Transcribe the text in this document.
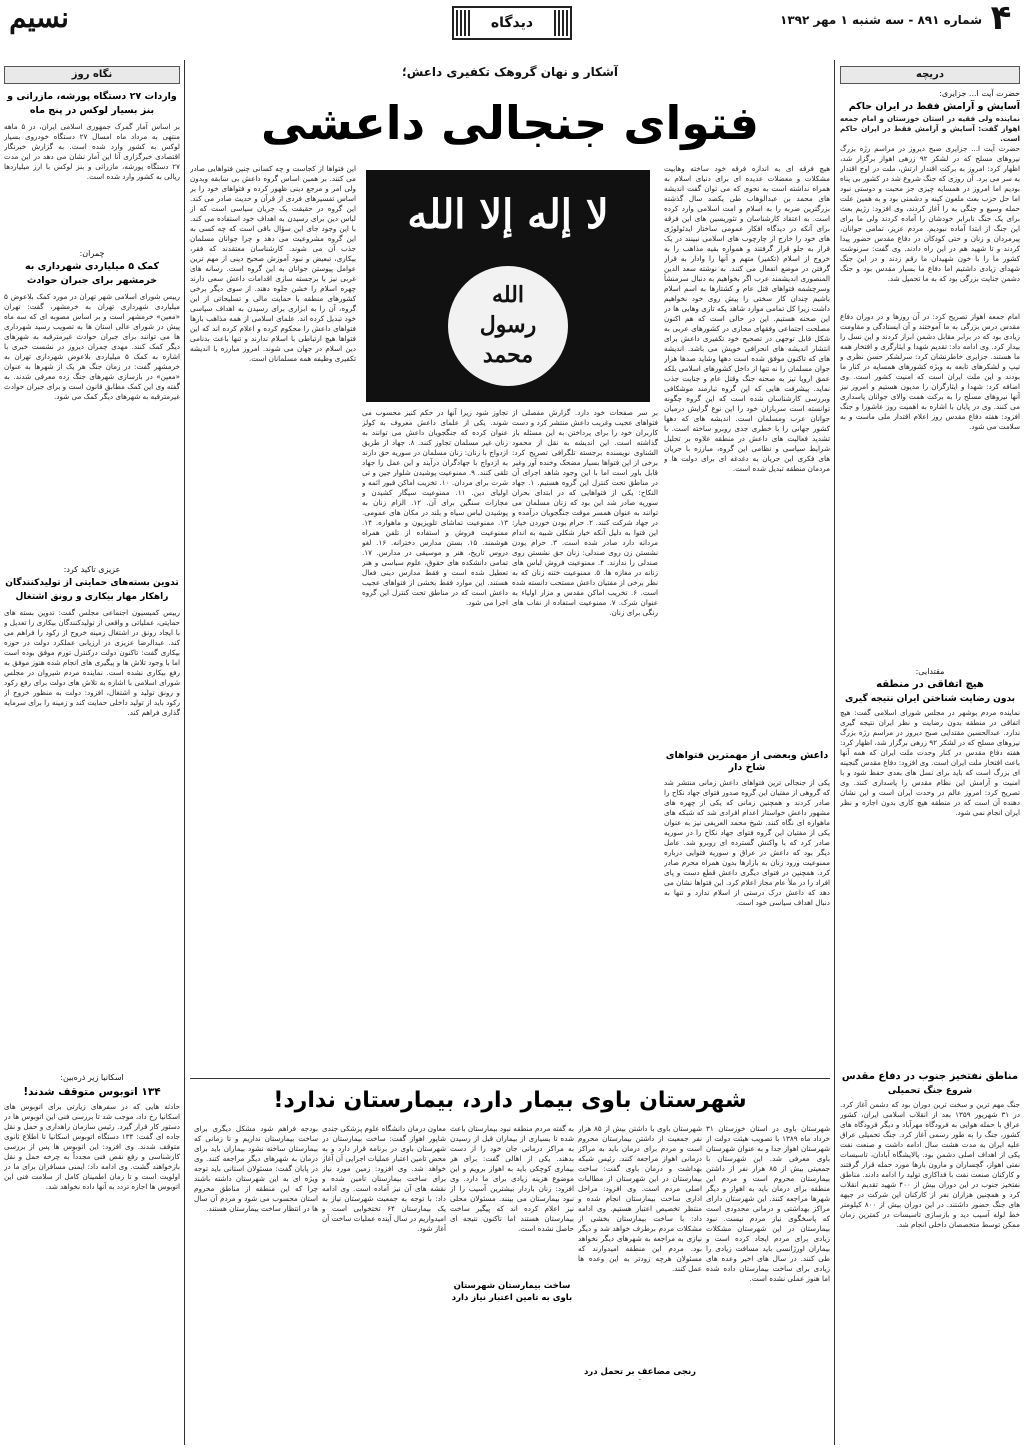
۴
شماره ۸۹۱ - سه شنبه ۱ مهر ۱۳۹۲
دیدگاه
نسیم
دریچه
حضرت آیت ا... جزایری:
آسایش و آرامش فقط در ایران حاکم
نماینده ولی فقیه در استان خوزستان و امام جمعه اهواز گفت: آسایش و آرامش فقط در ایران حاکم است.
حضرت آیت ا... جزایری صبح دیروز در مراسم رژه بزرگ نیروهای مسلح که در لشکر ۹۲ زرهی اهواز برگزار شد، اظهار کرد: امروز به برکت اقتدار ارتش، ملت در اوج اقتدار به سر می برد. آن روزی که جنگ شروع شد در کشور بی پناه بودیم اما امروز در همسایه چیزی جز محبت و دوستی نبود اما حل حزب بعث ملعون کینه و دشمنی بود و به همین علت حمله وسیع و جنگی به را آغاز کردند، وی افزود: رژیم بعث برای یک جنگ نابرابر خودشان را آماده کردند ولی ما برای این جنگ از ابتدا آماده نبودیم. مردم عزیز، تمامی جوانان، پیرمردان و زنان و حتی کودکان در دفاع مقدس حضور پیدا کردند و تا شهید هم در این راه دادند. وی گفت: سرنوشت کشور ما را با خون شهیدان ما رقم زدند و در این جنگ شهدای زیادی داشتیم اما دفاع ما بسیار مقدس بود و جنگ دشمن جنایت بزرگی بود که به ما تحمیل شد.
امام جمعه اهواز تصریح کرد: در آن روزها و در دوران دفاع مقدس درس بزرگی به ما آموختند و آن ایستادگی و مقاومت زیادی بود که در برابر مقابل دشمن ابراز کردند و این نسل را بیدار کرد. وی ادامه داد: تقدیم شهدا و ایثارگری و افتخار همه ما هستند. جزایری خاطرنشان کرد: سرلشکر حسن نظری و تیپ و لشکرهای تابعه به ویژه کشورهای همسایه در کنار ما بودند و این ملت ایران است که امنیت کشور است. وی اضافه کرد: شهدا و ایثارگران را مدیون هستیم و امروز نیز آنها نیروهای مسلح را به برکت همت والای جوانان پاسداری می کنند. وی در پایان با اشاره به اهمیت روز عاشورا و جنگ افزود: هفته دفاع مقدس روز اعلام اقتدار ملی ماست و به سلامت می شود.
مقتدایی:
هیچ اتفاقی در منطقه
بدون رضایت شناختن ایران نتیجه گیری
نماینده مردم بوشهر در مجلس شورای اسلامی گفت: هیچ اتفاقی در منطقه بدون رضایت و نظر ایران نتیجه گیری ندارد. عبدالحسین مقتدایی صبح دیروز در مراسم رژه بزرگ نیروهای مسلح که در لشکر ۹۲ زرهی برگزار شد، اظهار کرد: هفته دفاع مقدس در کنار وحدت ملت ایران که همه آنها باعث افتخار ملت ایران است. وی افزود: دفاع مقدس گنجینه ای بزرگ است که باید برای نسل های بعدی حفظ شود و با امنیت و آرامش این نظام مقدس را پاسداری کنند. وی تصریح کرد: امروز عالم در وحدت ایران است و این نشان دهنده آن است که در منطقه هیچ کاری بدون اجازه و نظر ایران انجام نمی شود.
مناطق نفتخیز جنوب در دفاع مقدس
شروع جنگ تحمیلی
جنگ مهم ترین و سخت ترین دوران بود که دشمن آغاز کرد. در ۳۱ شهریور ۱۳۵۹ بعد از انقلاب اسلامی ایران، کشور عراق با حمله هوایی به فرودگاه مهرآباد و دیگر فرودگاه های کشور، جنگ را به طور رسمی آغاز کرد. جنگ تحمیلی عراق علیه ایران به مدت هشت سال ادامه داشت و صنعت نفت یکی از اهداف اصلی دشمن بود. پالایشگاه آبادان، تاسیسات نفتی اهواز، گچساران و مارون بارها مورد حمله قرار گرفتند و کارکنان صنعت نفت با فداکاری تولید را ادامه دادند. مناطق نفتخیز جنوب در این دوران بیش از ۴۰۰ شهید تقدیم انقلاب کرد و همچنین هزاران نفر از کارکنان این شرکت در جبهه های جنگ حضور داشتند. در این دوران بیش از ۸۰۰ کیلومتر خط لوله آسیب دید و بازسازی تاسیسات در کمترین زمان ممکن توسط متخصصان داخلی انجام شد.
نگاه روز
واردات ۲۷ دستگاه پورشه، مازراتی و بنز بسیار لوکس در پنج ماه
بر اساس آمار گمرک جمهوری اسلامی ایران، در ۵ ماهه منتهی به مرداد ماه امسال ۲۷ دستگاه خودروی بسیار لوکس به کشور وارد شده است. به گزارش خبرنگار اقتصادی خبرگزاری آنا این آمار نشان می دهد در این مدت ۲۷ دستگاه پورشه، مازراتی و بنز لوکس با ارز میلیاردها ریالی به کشور وارد شده است.
چمران:
کمک ۵ میلیاردی شهرداری به خرمشهر برای جبران حوادث
رییس شورای اسلامی شهر تهران در مورد کمک بلاعوض ۵ میلیاردی شهرداری تهران به خرمشهر، گفت: تهران «معین» خرمشهر است و بر اساس مصوبه ای که سه ماه پیش در شورای عالی استان ها به تصویب رسید شهرداری ها می توانند برای جبران حوادث غیرمترقبه به شهرهای دیگر کمک کنند. مهدی چمران دیروز در نشست خبری با اشاره به کمک ۵ میلیاردی بلاعوض شهرداری تهران به خرمشهر گفت: در زمان جنگ هر یک از شهرها به عنوان «معین» در بازسازی شهرهای جنگ زده معرفی شدند. به گفته وی این کمک مطابق قانون است و برای جبران حوادث غیرمترقبه به شهرهای دیگر کمک می شود.
عزیزی تاکید کرد:
تدوین بسته‌های حمایتی از تولیدکنندگان راهکار مهار بیکاری و رونق اشتغال
رییس کمیسیون اجتماعی مجلس گفت: تدوین بسته های حمایتی، عملیاتی و واقعی از تولیدکنندگان بیکاری را تعدیل و با ایجاد رونق در اشتغال زمینه خروج از رکود را فراهم می کند. عبدالرضا عزیزی در ارزیابی عملکرد دولت در حوزه بیکاری گفت: تاکنون دولت درکنترل تورم موفق بوده است اما با وجود تلاش ها و پیگیری های انجام شده هنوز موفق به رفع بیکاری نشده است. نماینده مردم شیروان در مجلس شورای اسلامی با اشاره به تلاش های دولت برای رفع رکود و رونق تولید و اشتغال، افزود: دولت به منظور خروج از رکود باید از تولید داخلی حمایت کند و زمینه را برای سرمایه گذاری فراهم کند.
اسکانیا زیر ذره‌بین:
۱۳۴ اتوبوس متوقف شدند!
حادثه هایی که در سفرهای زیارتی برای اتوبوس های اسکانیا رخ داد، موجب شد تا بررسی فنی این اتوبوس ها در دستور کار قرار گیرد. رئیس سازمان راهداری و حمل و نقل جاده ای گفت: ۱۳۴ دستگاه اتوبوس اسکانیا تا اطلاع ثانوی متوقف شدند. وی افزود: این اتوبوس ها پس از بررسی کارشناسی و رفع نقص فنی مجدداً به چرخه حمل و نقل بازخواهند گشت. وی ادامه داد: ایمنی مسافران برای ما در اولویت است و تا زمان اطمینان کامل از سلامت فنی این اتوبوس ها اجازه تردد به آنها داده نخواهد شد.
آشکار و نهان گروهک تکفیری داعش؛
فتوای جنجالی داعشی
لا إله إلا الله
الله
رسول
محمد
هیچ فرقه ای به اندازه فرقه خود ساخته وهابیت مشکلات و معضلات عدیده ای برای دنیای اسلام به همراه نداشته است به نحوی که می توان گفت اندیشه های محمد بن عبدالوهاب طی یکصد سال گذشته بزرگترین ضربه را به اسلام و امت اسلامی وارد کرده است. به اعتقاد کارشناسان و تئوریسین های این فرقه برای آنکه در دیدگاه افکار عمومی ساختار ایدئولوژی های خود را خارج از چارچوب های اسلامی نبینند در یک قرار به جلو قرار گرفتند و همواره بقیه مذاهب را به خروج از اسلام (تکفیر) متهم و آنها را وادار به قرار گرفتن در موضع انفعال می کنند. به نوشته سعد الدین المنصوری اندیشمند عرب اگر بخواهیم به دنبال سرمنشأ وسرچشمه فتواهای قتل عام و کشتارها به اسم اسلام باشیم چندان کار سختی را پیش روی خود نخواهیم داشت زیرا کل تمامی موارد شاهد یکه تازی وهابی ها در این صحنه هستیم. این در حالی است که هم اکنون مصلحت اجتماعی وفقهای مجازی در کشورهای عربی به شکل قابل توجهی در تصحیح خود تکفیری داعش برای انتشار اندیشه های انحرافی خویش می باشد. اندیشه های که تاکنون موفق شده است دهها وشاید صدها هزار جوان مسلمان را نه تنها از داخل کشورهای اسلامی بلکه عمق اروپا نیز به صحنه جنگ وقتل عام و جنایت جذب نماید. پیشرفت هایی که این گروه تبارمند موشکافی وبررسی کارشناسان شده است که این گروه چگونه توانسته است سربازان خود را این نوع گرایش درمیان جوانان عرب ومسلمان است. اندیشه های که دهها کشور جهانی را با خطری جدی روبرو ساخته است. با تشدید فعالیت های داعش در منطقه علاوه بر تحلیل شرایط سیاسی و نظامی این گروه، مبارزه با جریان های فکری این جریان به دغدغه ای برای دولت ها و مردمان منطقه تبدیل شده است.
داعش وبعضی از مهمترین فتواهای شاخ دار
یکی از جنجالی ترین فتواهای داعش زمانی منتشر شد که گروهی از مفتیان این گروه صدور فتوای جهاد نکاح را صادر کردند و همچنین زمانی که یکی از چهره های مشهور داعش خواستار اعدام افرادی شد که شبکه های ماهواره ای نگاه کنند. شیخ محمد العریفی نیز به عنوان یکی از مفتیان این گروه فتوای جهاد نکاح را در سوریه صادر کرد که با واکنش گسترده ای روبرو شد. عامل دیگر بود که داعش در عراق و سوریه فتوایی درباره ممنوعیت ورود زنان به بازارها بدون همراه محرم صادر کرد. همچنین در فتوای دیگری داعش قطع دست و پای افراد را در ملأ عام مجاز اعلام کرد. این فتواها نشان می دهد که داعش درک درستی از اسلام ندارد و تنها به دنبال اهداف سیاسی خود است.
بر سر صفحات خود دارد. گزارش مفصلی از فتواهای عجیب وغریب داعش منتشر کرد و دست کاربران خود را برای پرداختن به این مسئله باز گذاشته است. این اندیشه به نقل از محمود الشناوی نویسنده برجسته تلگرافی تصریح کرد: برخی از این فتواها بسیار مضحک وخنده آور وغیر قابل باور است اما با این وجود شاهد اجرای آن در مناطق تحت کنترل این گروه هستیم. ۱. جهاد النکاح: یکی از فتواهایی که در ابتدای بحران سوریه صادر شد این بود که زنان مسلمان می توانند به عنوان همسر موقت جنگجویان درآمده و در جهاد شرکت کنند. ۲. حرام بودن خوردن خیار: این فتوا به دلیل آنکه خیار شکلی شبیه به اندام مردانه دارد صادر شده است. ۳. حرام بودن نشستن زن روی صندلی: زنان حق نشستن روی صندلی را ندارند. ۴. ممنوعیت فروش لباس های زنانه در مغازه ها. ۵. ممنوعیت ختنه زنان که به نظر برخی از مفتیان داعش مستحب دانسته شده است. ۶. تخریب اماکن مقدس و مزار اولیاء به عنوان شرک. ۷. ممنوعیت استفاده از نقاب های رنگی برای زنان.
تجاوز شود زیرا آنها در حکم کنیز محسوب می شوند. یکی از علمای داعش معروف به کولز عنوان کرده که جنگجویان داعش می توانند به زنان غیر مسلمان تجاوز کنند. ۸. جهاد از طریق ازدواج با زنان: زنان مسلمان در سوریه حق دارند به ازدواج با جهادگران درآیند و این عمل را جهاد تلقی کنند. ۹. ممنوعیت پوشیدن شلوار جین و تی شرت برای مردان. ۱۰. تخریب اماکن قبور ائمه و اولیای دین. ۱۱. ممنوعیت سیگار کشیدن و مجازات سنگین برای آن. ۱۲. الزام زنان به پوشیدن لباس سیاه و بلند در مکان های عمومی. ۱۳. ممنوعیت تماشای تلویزیون و ماهواره. ۱۴. ممنوعیت فروش و استفاده از تلفن همراه هوشمند. ۱۵. بستن مدارس دخترانه. ۱۶. لغو دروس تاریخ، هنر و موسیقی در مدارس. ۱۷. تمامی دانشکده های حقوق، علوم سیاسی و هنر تعطیل شده است و فقط مدارس دینی فعال هستند. این موارد فقط بخشی از فتواهای عجیب داعش است که در مناطق تحت کنترل این گروه اجرا می شود.
این فتواها از کجاست و چه کسانی چنین فتواهایی صادر می کنند. بر همین اساس گروه داعش بی سابقه وبدون ولی امر و مرجع دینی ظهور کرده و فتواهای خود را بر اساس تفسیرهای فردی از قرآن و حدیث صادر می کند. این گروه در حقیقت یک جریان سیاسی است که از لباس دین برای رسیدن به اهداف خود استفاده می کند. با این وجود جای این سؤال باقی است که چه کسی به این گروه مشروعیت می دهد و چرا جوانان مسلمان جذب آن می شوند. کارشناسان معتقدند که فقر، بیکاری، تبعیض و نبود آموزش صحیح دینی از مهم ترین عوامل پیوستن جوانان به این گروه است. رسانه های غربی نیز با برجسته سازی اقدامات داعش سعی دارند چهره اسلام را خشن جلوه دهند. از سوی دیگر برخی کشورهای منطقه با حمایت مالی و تسلیحاتی از این گروه، آن را به ابزاری برای رسیدن به اهداف سیاسی خود تبدیل کرده اند. علمای اسلامی از همه مذاهب بارها فتواهای داعش را محکوم کرده و اعلام کرده اند که این فتواها هیچ ارتباطی با اسلام ندارند و تنها باعث بدنامی دین اسلام در جهان می شوند. امروز مبارزه با اندیشه تکفیری وظیفه همه مسلمانان است.
شهرستان باوی بیمار دارد، بیمارستان ندارد!
شهرستان باوی در استان خوزستان ۳۱ خرداد ماه ۱۳۸۹ با تصویب هیئت دولت از شهرستان اهواز جدا و به عنوان شهرستان باوی معرفی شد. این شهرستان با جمعیتی بیش از ۸۵ هزار نفر از داشتن بیمارستان محروم است و مردم این منطقه برای درمان باید به اهواز و دیگر شهرها مراجعه کنند. این شهرستان دارای مراکز بهداشتی و درمانی محدودی است که پاسخگوی نیاز مردم نیست. نبود بیمارستان در این شهرستان مشکلات زیادی برای مردم ایجاد کرده است و بیماران اورژانسی باید مسافت زیادی را طی کنند. در سال های اخیر وعده های زیادی برای ساخت بیمارستان داده شده اما هنوز عملی نشده است.
شهرستان باوی با داشتن بیش از ۸۵ هزار نفر جمعیت از داشتن بیمارستان محروم است و مردم برای درمان باید به مراکز درمانی اهواز مراجعه کنند. رئیس شبکه بهداشت و درمان باوی گفت: ساخت بیمارستان در این شهرستان از مطالبات اصلی مردم است. وی افزود: مراحل اداری ساخت بیمارستان انجام شده و منتظر تخصیص اعتبار هستیم. وی ادامه داد: با ساخت بیمارستان بخشی از مشکلات مردم برطرف خواهد شد و دیگر نیازی به مراجعه به شهرهای دیگر نخواهد بود. مردم این منطقه امیدوارند که مسئولان هرچه زودتر به این وعده ها عمل کنند.
رنجی مضاعف بر تحمل درد
به گفته مردم منطقه نبود بیمارستان باعث شده تا بسیاری از بیماران قبل از رسیدن به مراکز درمانی جان خود را از دست بدهند. یکی از اهالی گفت: برای هر بیماری کوچکی باید به اهواز برویم و این موضوع هزینه زیادی برای ما دارد. وی افزود: زنان باردار بیشترین آسیب را از نبود بیمارستان می بینند. مسئولان محلی نیز اعلام کرده اند که پیگیر ساخت بیمارستان هستند اما تاکنون نتیجه ای حاصل نشده است.
ساخت بیمارستان شهرستان باوی به تامین اعتبار نیاز دارد
معاون درمان دانشگاه علوم پزشکی جندی شاپور اهواز گفت: ساخت بیمارستان در شهرستان باوی در برنامه قرار دارد و به محض تامین اعتبار عملیات اجرایی آن آغاز خواهد شد. وی افزود: زمین مورد نیاز برای ساخت بیمارستان تامین شده و نقشه های آن نیز آماده است. وی ادامه داد: با توجه به جمعیت شهرستان نیاز به یک بیمارستان ۶۴ تختخوابی است و امیدواریم در سال آینده عملیات ساخت آن آغاز شود.
بودجه فراهم شود مشکل دیگری برای ساخت بیمارستان نداریم و تا زمانی که بیمارستان ساخته نشود بیماران باید برای درمان به شهرهای دیگر مراجعه کنند. وی در پایان گفت: مسئولان استانی باید توجه ویژه ای به این شهرستان داشته باشند چرا که این منطقه از مناطق محروم استان محسوب می شود و مردم آن سال ها در انتظار ساخت بیمارستان هستند.
